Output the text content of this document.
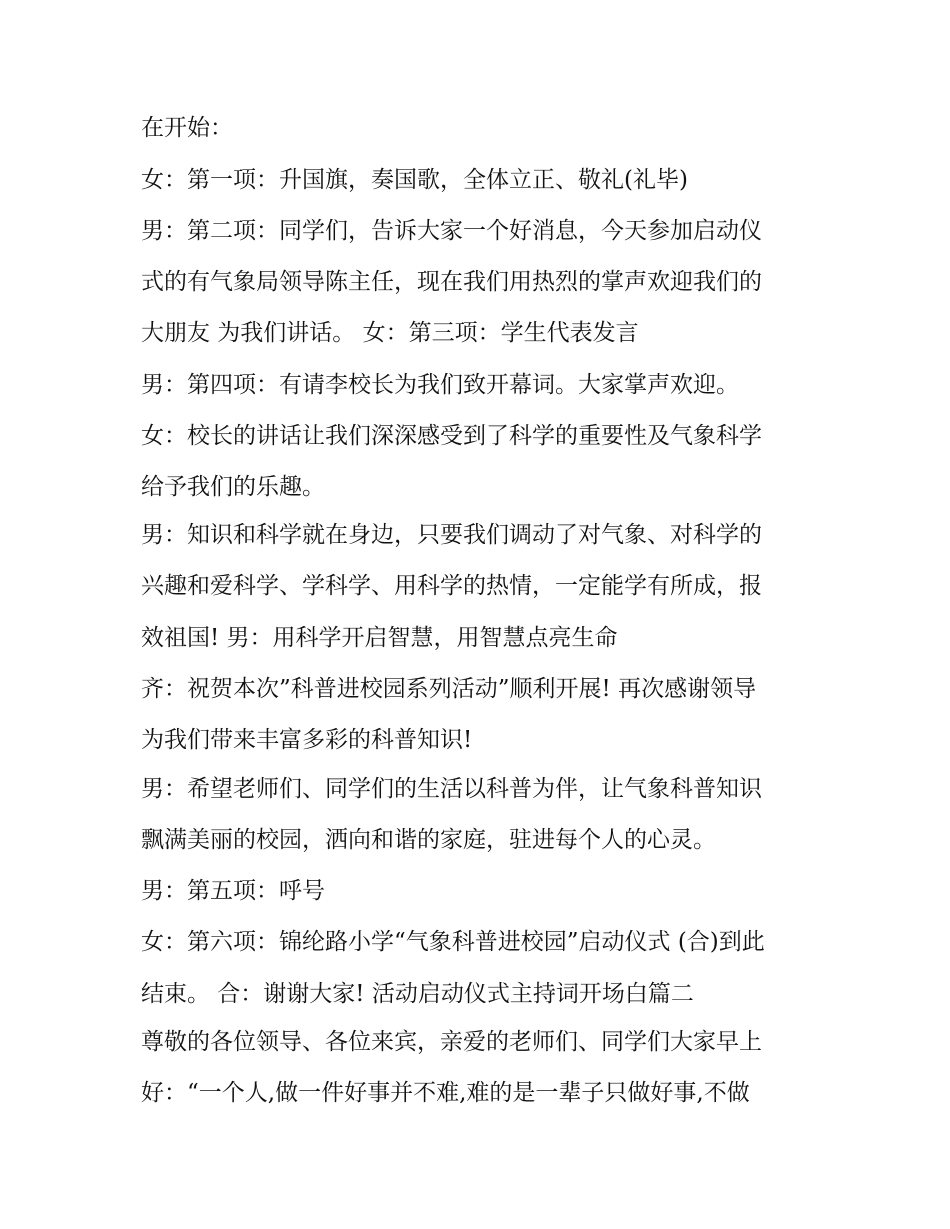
在开始：
女：第一项：升国旗，奏国歌，全体立正、敬礼(礼毕)
男：第二项：同学们，告诉大家一个好消息，今天参加启动仪
式的有气象局领导陈主任，现在我们用热烈的掌声欢迎我们的
大朋友 为我们讲话。 女：第三项：学生代表发言
男：第四项：有请李校长为我们致开幕词。大家掌声欢迎。
女：校长的讲话让我们深深感受到了科学的重要性及气象科学
给予我们的乐趣。
男：知识和科学就在身边，只要我们调动了对气象、对科学的
兴趣和爱科学、学科学、用科学的热情，一定能学有所成，报
效祖国! 男：用科学开启智慧，用智慧点亮生命
齐：祝贺本次”科普进校园系列活动”顺利开展! 再次感谢领导
为我们带来丰富多彩的科普知识!
男：希望老师们、同学们的生活以科普为伴，让气象科普知识
飘满美丽的校园，洒向和谐的家庭，驻进每个人的心灵。
男：第五项：呼号
女：第六项：锦纶路小学“气象科普进校园”启动仪式 (合)到此
结束。 合：谢谢大家! 活动启动仪式主持词开场白篇二
尊敬的各位领导、各位来宾，亲爱的老师们、同学们大家早上
好：“一个人,做一件好事并不难,难的是一辈子只做好事,不做
